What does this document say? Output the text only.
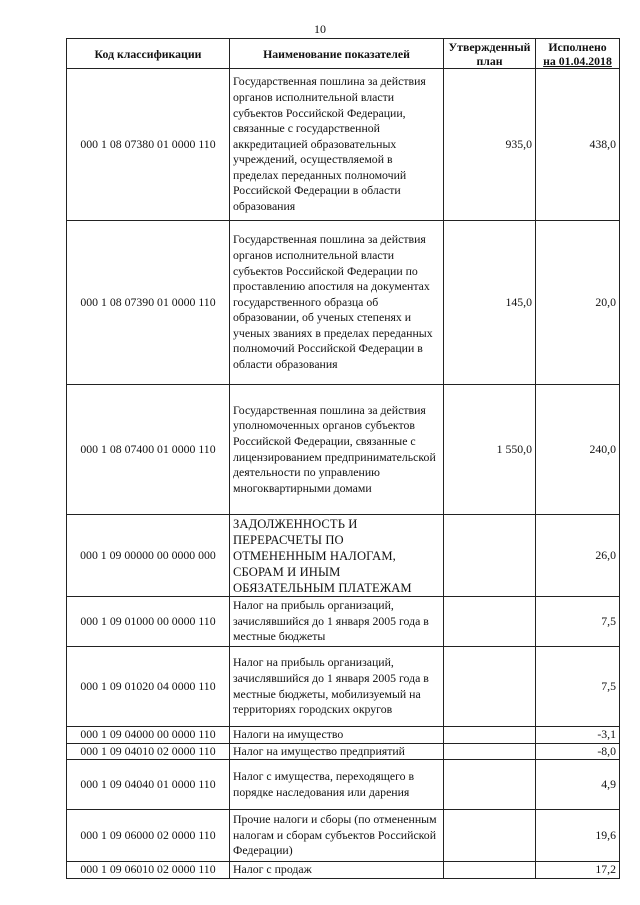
10
Код классификации	Наименование показателей	Утвержденный план	Исполнено
на 01.04.2018

000 1 08 07380 01 0000 110	Государственная пошлина за действия органов исполнительной власти субъектов Российской Федерации, связанные с государственной аккредитацией образовательных учреждений, осуществляемой в пределах переданных полномочий Российской Федерации в области образования	935,0	438,0
000 1 08 07390 01 0000 110	Государственная пошлина за действия органов исполнительной власти субъектов Российской Федерации по проставлению апостиля на документах государственного образца об образовании, об ученых степенях и ученых званиях в пределах переданных полномочий Российской Федерации в области образования	145,0	20,0
000 1 08 07400 01 0000 110	Государственная пошлина за действия уполномоченных органов субъектов Российской Федерации, связанные с лицензированием предпринимательской деятельности по управлению многоквартирными домами	1 550,0	240,0
000 1 09 00000 00 0000 000	ЗАДОЛЖЕННОСТЬ И ПЕРЕРАСЧЕТЫ ПО ОТМЕНЕННЫМ НАЛОГАМ, СБОРАМ И ИНЫМ ОБЯЗАТЕЛЬНЫМ ПЛАТЕЖАМ		26,0
000 1 09 01000 00 0000 110	Налог на прибыль организаций, зачислявшийся до 1 января 2005 года в местные бюджеты		7,5
000 1 09 01020 04 0000 110	Налог на прибыль организаций, зачислявшийся до 1 января 2005 года в местные бюджеты, мобилизуемый на территориях городских округов		7,5
000 1 09 04000 00 0000 110	Налоги на имущество		-3,1
000 1 09 04010 02 0000 110	Налог на имущество предприятий		-8,0
000 1 09 04040 01 0000 110	Налог с имущества, переходящего в порядке наследования или дарения		4,9
000 1 09 06000 02 0000 110	Прочие налоги и сборы (по отмененным налогам и сборам субъектов Российской Федерации)		19,6
000 1 09 06010 02 0000 110	Налог с продаж		17,2
